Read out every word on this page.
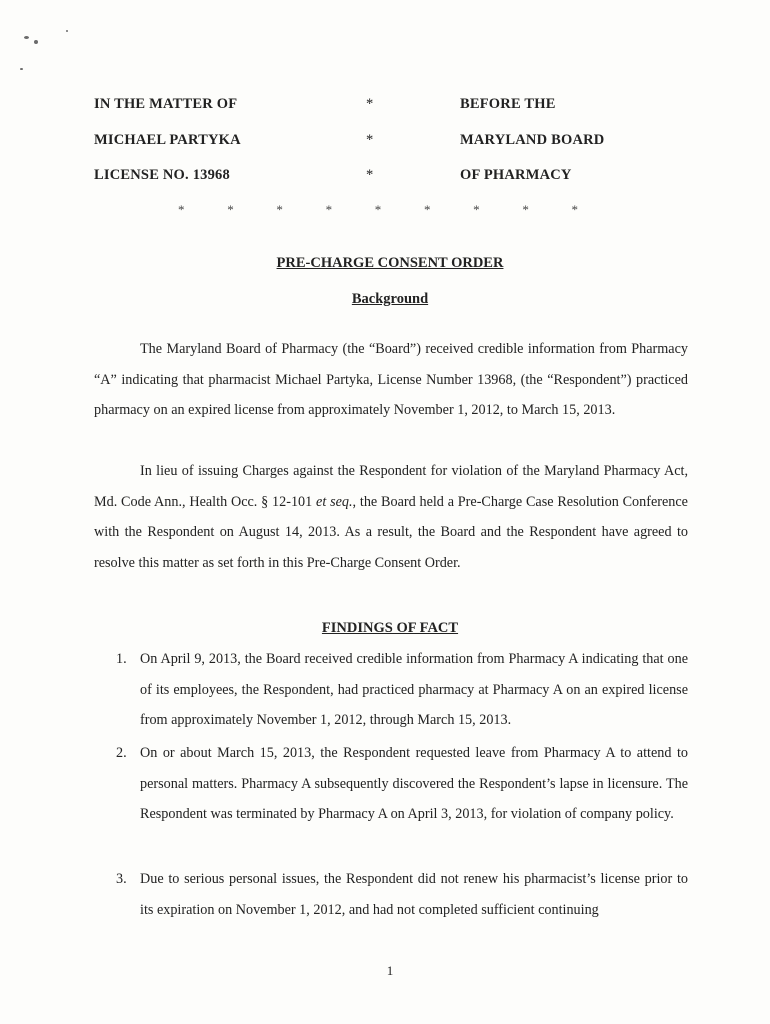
IN THE MATTER OF	*	BEFORE THE
MICHAEL PARTYKA	*	MARYLAND BOARD
LICENSE NO. 13968	*	OF PHARMACY
*	*	*	*	*	*	*	*	*
PRE-CHARGE CONSENT ORDER
Background

The Maryland Board of Pharmacy (the “Board”) received credible information from Pharmacy “A” indicating that pharmacist Michael Partyka, License Number 13968, (the “Respondent”) practiced pharmacy on an expired license from approximately November 1, 2012, to March 15, 2013.

In lieu of issuing Charges against the Respondent for violation of the Maryland Pharmacy Act, Md. Code Ann., Health Occ. § 12-101 et seq., the Board held a Pre-Charge Case Resolution Conference with the Respondent on August 14, 2013. As a result, the Board and the Respondent have agreed to resolve this matter as set forth in this Pre-Charge Consent Order.

FINDINGS OF FACT
1. On April 9, 2013, the Board received credible information from Pharmacy A indicating that one of its employees, the Respondent, had practiced pharmacy at Pharmacy A on an expired license from approximately November 1, 2012, through March 15, 2013.
2. On or about March 15, 2013, the Respondent requested leave from Pharmacy A to attend to personal matters. Pharmacy A subsequently discovered the Respondent’s lapse in licensure. The Respondent was terminated by Pharmacy A on April 3, 2013, for violation of company policy.
3. Due to serious personal issues, the Respondent did not renew his pharmacist’s license prior to its expiration on November 1, 2012, and had not completed sufficient continuing
1
